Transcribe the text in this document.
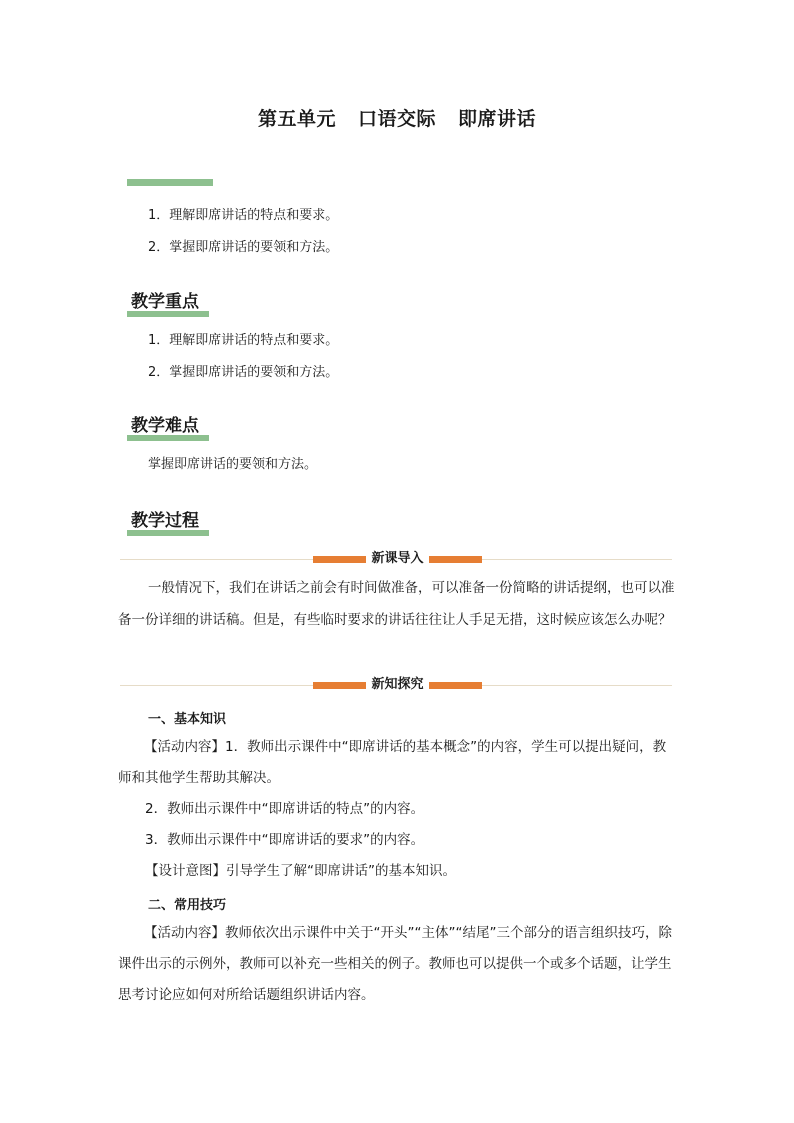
第五单元 口语交际 即席讲话
1．理解即席讲话的特点和要求。
2．掌握即席讲话的要领和方法。
教学重点
1．理解即席讲话的特点和要求。
2．掌握即席讲话的要领和方法。
教学难点
掌握即席讲话的要领和方法。
教学过程
新课导入
一般情况下，我们在讲话之前会有时间做准备，可以准备一份简略的讲话提纲，也可以准备一份详细的讲话稿。但是，有些临时要求的讲话往往让人手足无措，这时候应该怎么办呢？
新知探究
一、基本知识
【活动内容】1．教师出示课件中“即席讲话的基本概念”的内容，学生可以提出疑问，教师和其他学生帮助其解决。
2．教师出示课件中“即席讲话的特点”的内容。
3．教师出示课件中“即席讲话的要求”的内容。
【设计意图】引导学生了解“即席讲话”的基本知识。
二、常用技巧
【活动内容】教师依次出示课件中关于“开头”“主体”“结尾”三个部分的语言组织技巧，除课件出示的示例外，教师可以补充一些相关的例子。教师也可以提供一个或多个话题，让学生思考讨论应如何对所给话题组织讲话内容。
